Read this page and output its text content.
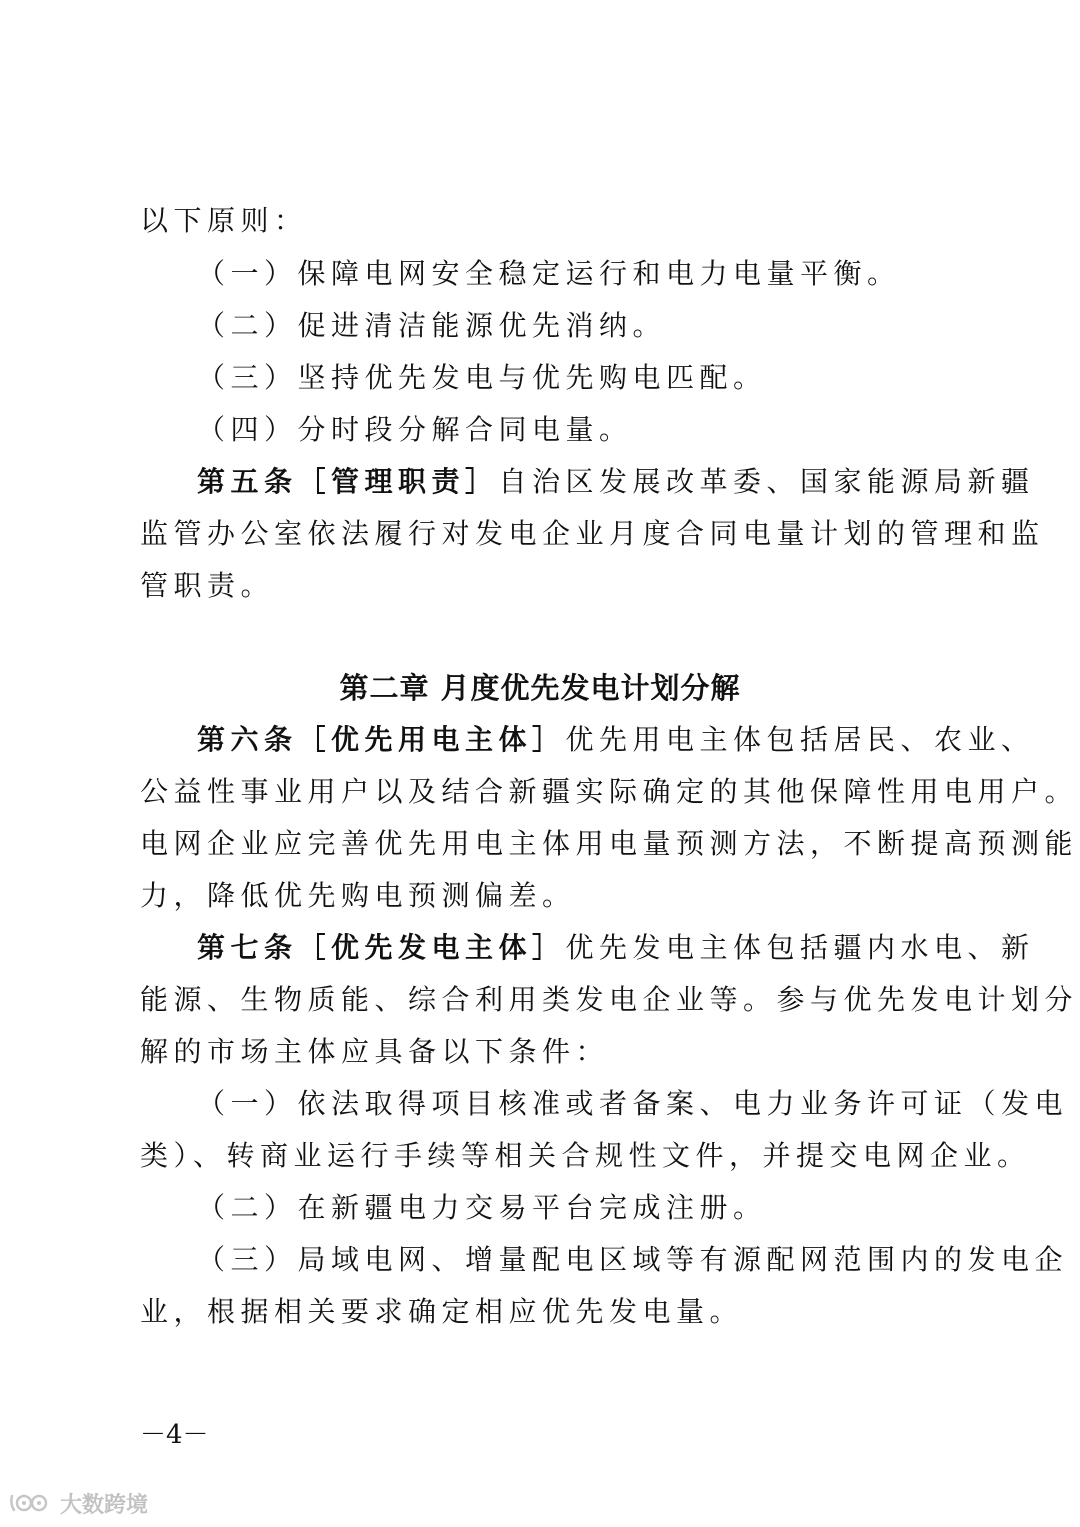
以下原则：
（一）保障电网安全稳定运行和电力电量平衡。
（二）促进清洁能源优先消纳。
（三）坚持优先发电与优先购电匹配。
（四）分时段分解合同电量。
第五条［管理职责］自治区发展改革委、国家能源局新疆
监管办公室依法履行对发电企业月度合同电量计划的管理和监
管职责。
第二章 月度优先发电计划分解
第六条［优先用电主体］优先用电主体包括居民、农业、
公益性事业用户以及结合新疆实际确定的其他保障性用电用户。
电网企业应完善优先用电主体用电量预测方法，不断提高预测能
力，降低优先购电预测偏差。
第七条［优先发电主体］优先发电主体包括疆内水电、新
能源、生物质能、综合利用类发电企业等。参与优先发电计划分
解的市场主体应具备以下条件：
（一）依法取得项目核准或者备案、电力业务许可证（发电
类）、转商业运行手续等相关合规性文件，并提交电网企业。
（二）在新疆电力交易平台完成注册。
（三）局域电网、增量配电区域等有源配网范围内的发电企
业，根据相关要求确定相应优先发电量。
－4－
大数跨境
